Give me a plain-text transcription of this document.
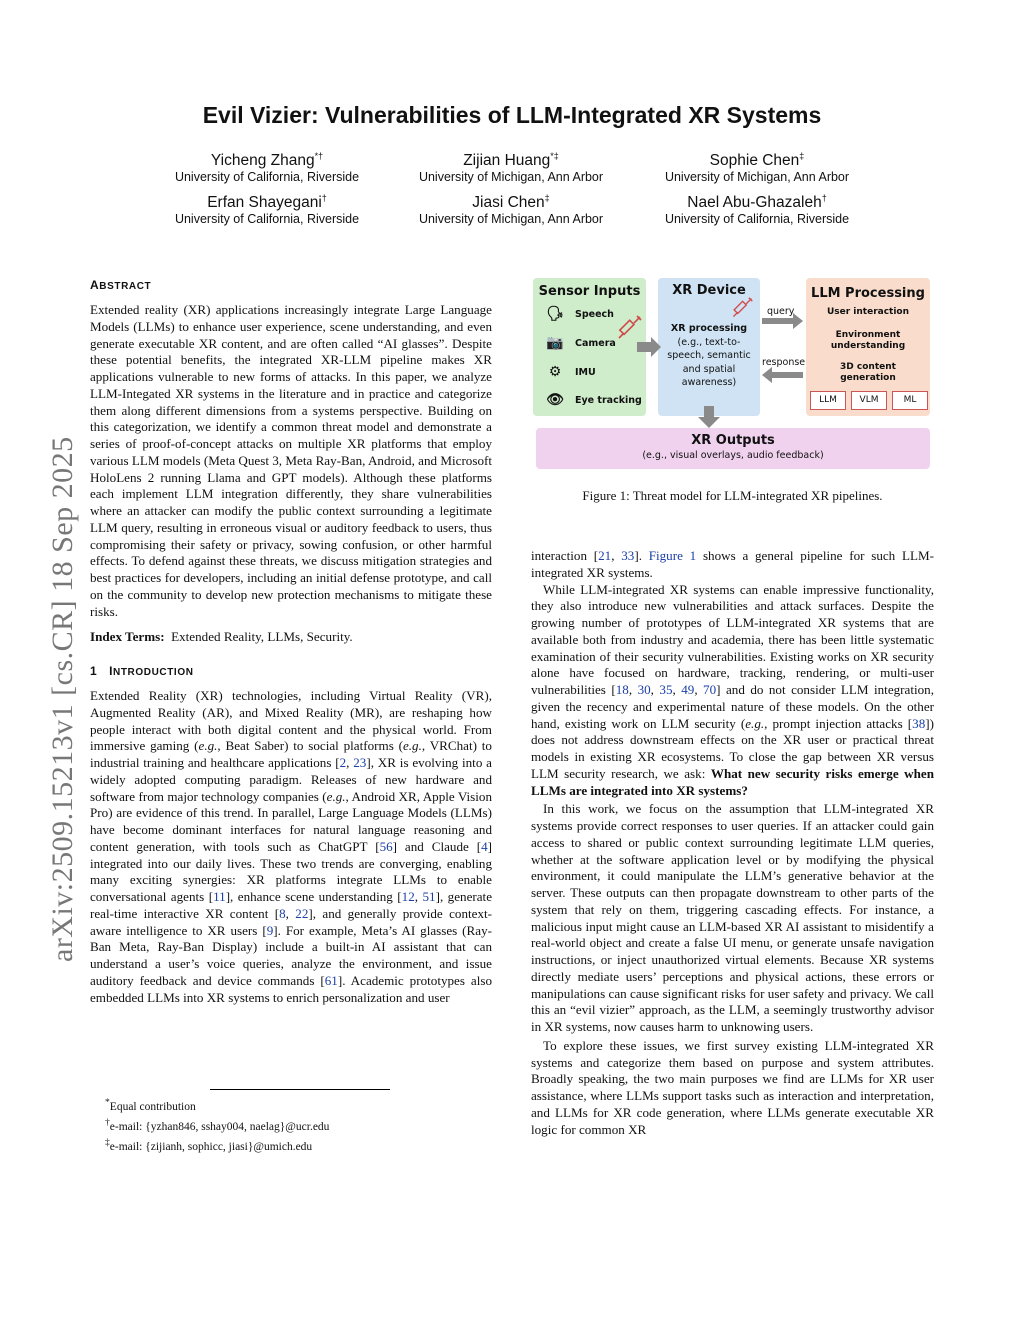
arXiv:2509.15213v1 [cs.CR] 18 Sep 2025
Evil Vizier: Vulnerabilities of LLM-Integrated XR Systems
Yicheng Zhang*†
University of California, Riverside
Zijian Huang*‡
University of Michigan, Ann Arbor
Sophie Chen‡
University of Michigan, Ann Arbor
Erfan Shayegani†
University of California, Riverside
Jiasi Chen‡
University of Michigan, Ann Arbor
Nael Abu-Ghazaleh†
University of California, Riverside
ABSTRACT

Extended reality (XR) applications increasingly integrate Large Language Models (LLMs) to enhance user experience, scene understanding, and even generate executable XR content, and are often called “AI glasses”. Despite these potential benefits, the integrated XR-LLM pipeline makes XR applications vulnerable to new forms of attacks. In this paper, we analyze LLM-Integated XR systems in the literature and in practice and categorize them along different dimensions from a systems perspective. Building on this categorization, we identify a common threat model and demonstrate a series of proof-of-concept attacks on multiple XR platforms that employ various LLM models (Meta Quest 3, Meta Ray-Ban, Android, and Microsoft HoloLens 2 running Llama and GPT models). Although these platforms each implement LLM integration differently, they share vulnerabilities where an attacker can modify the public context surrounding a legitimate LLM query, resulting in erroneous visual or auditory feedback to users, thus compromising their safety or privacy, sowing confusion, or other harmful effects. To defend against these threats, we discuss mitigation strategies and best practices for developers, including an initial defense prototype, and call on the community to develop new protection mechanisms to mitigate these risks.

Index Terms: Extended Reality, LLMs, Security.

1 INTRODUCTION

Extended Reality (XR) technologies, including Virtual Reality (VR), Augmented Reality (AR), and Mixed Reality (MR), are reshaping how people interact with both digital content and the physical world. From immersive gaming (e.g., Beat Saber) to social platforms (e.g., VRChat) to industrial training and healthcare applications [2, 23], XR is evolving into a widely adopted computing paradigm. Releases of new hardware and software from major technology companies (e.g., Android XR, Apple Vision Pro) are evidence of this trend. In parallel, Large Language Models (LLMs) have become dominant interfaces for natural language reasoning and content generation, with tools such as ChatGPT [56] and Claude [4] integrated into our daily lives. These two trends are converging, enabling many exciting synergies: XR platforms integrate LLMs to enable conversational agents [11], enhance scene understanding [12, 51], generate real-time interactive XR content [8, 22], and generally provide context-aware intelligence to XR users [9]. For example, Meta’s AI glasses (Ray-Ban Meta, Ray-Ban Display) include a built-in AI assistant that can understand a user’s voice queries, analyze the environment, and issue auditory feedback and device commands [61]. Academic prototypes also embedded LLMs into XR systems to enrich personalization and user

*Equal contribution
†e-mail: {yzhan846, sshay004, naelag}@ucr.edu
‡e-mail: {zijianh, sophicc, jiasi}@umich.edu
Sensor Inputs
🗣	Speech
📷	Camera
⚙	IMU
👁	Eye tracking
XR Device
XR processing
(e.g., text-to-speech, semantic and spatial awareness)
LLM Processing
User interaction
Environment understanding
3D content generation
LLM	VLM	ML
XR Outputs
(e.g., visual overlays, audio feedback)
query
response
Figure 1: Threat model for LLM-integrated XR pipelines.

interaction [21, 33]. Figure 1 shows a general pipeline for such LLM-integrated XR systems.

While LLM-integrated XR systems can enable impressive functionality, they also introduce new vulnerabilities and attack surfaces. Despite the growing number of prototypes of LLM-integrated XR systems that are available both from industry and academia, there has been little systematic examination of their security vulnerabilities. Existing works on XR security alone have focused on hardware, tracking, rendering, or multi-user vulnerabilities [18, 30, 35, 49, 70] and do not consider LLM integration, given the recency and experimental nature of these models. On the other hand, existing work on LLM security (e.g., prompt injection attacks [38]) does not address downstream effects on the XR user or practical threat models in existing XR ecosystems. To close the gap between XR versus LLM security research, we ask: What new security risks emerge when LLMs are integrated into XR systems?

In this work, we focus on the assumption that LLM-integrated XR systems provide correct responses to user queries. If an attacker could gain access to shared or public context surrounding legitimate LLM queries, whether at the software application level or by modifying the physical environment, it could manipulate the LLM’s generative behavior at the server. These outputs can then propagate downstream to other parts of the system that rely on them, triggering cascading effects. For instance, a malicious input might cause an LLM-based XR AI assistant to misidentify a real-world object and create a false UI menu, or generate unsafe navigation instructions, or inject unauthorized virtual elements. Because XR systems directly mediate users’ perceptions and physical actions, these errors or manipulations can cause significant risks for user safety and privacy. We call this an “evil vizier” approach, as the LLM, a seemingly trustworthy advisor in XR systems, now causes harm to unknowing users.

To explore these issues, we first survey existing LLM-integrated XR systems and categorize them based on purpose and system attributes. Broadly speaking, the two main purposes we find are LLMs for XR user assistance, where LLMs support tasks such as interaction and interpretation, and LLMs for XR code generation, where LLMs generate executable XR logic for common XR
